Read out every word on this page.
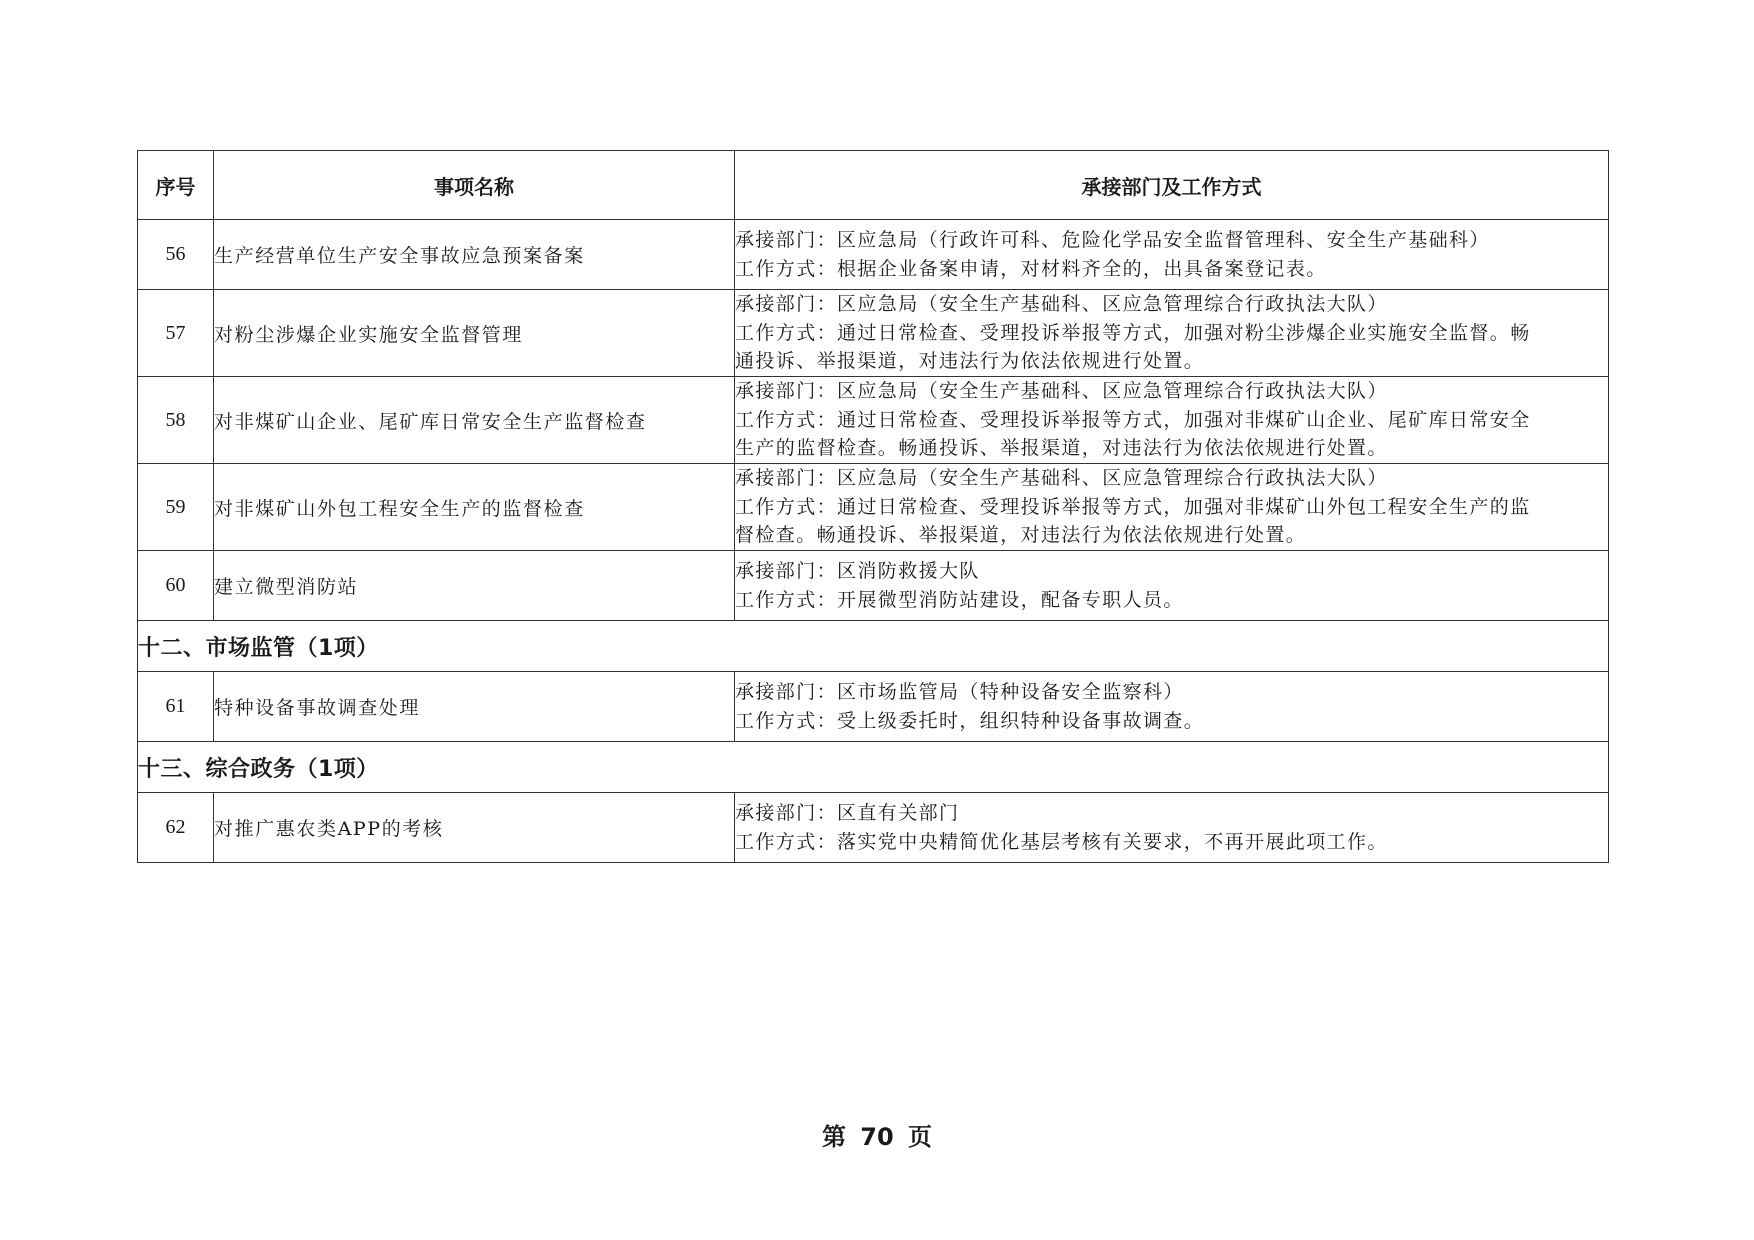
序号	事项名称	承接部门及工作方式
56	生产经营单位生产安全事故应急预案备案	承接部门：区应急局（行政许可科、危险化学品安全监督管理科、安全生产基础科）
工作方式：根据企业备案申请，对材料齐全的，出具备案登记表。

57	对粉尘涉爆企业实施安全监督管理	承接部门：区应急局（安全生产基础科、区应急管理综合行政执法大队）
工作方式：通过日常检查、受理投诉举报等方式，加强对粉尘涉爆企业实施安全监督。畅
通投诉、举报渠道，对违法行为依法依规进行处置。

58	对非煤矿山企业、尾矿库日常安全生产监督检查	承接部门：区应急局（安全生产基础科、区应急管理综合行政执法大队）
工作方式：通过日常检查、受理投诉举报等方式，加强对非煤矿山企业、尾矿库日常安全
生产的监督检查。畅通投诉、举报渠道，对违法行为依法依规进行处置。

59	对非煤矿山外包工程安全生产的监督检查	承接部门：区应急局（安全生产基础科、区应急管理综合行政执法大队）
工作方式：通过日常检查、受理投诉举报等方式，加强对非煤矿山外包工程安全生产的监
督检查。畅通投诉、举报渠道，对违法行为依法依规进行处置。

60	建立微型消防站	承接部门：区消防救援大队
工作方式：开展微型消防站建设，配备专职人员。

十二、市场监管（1项）		
61	特种设备事故调查处理	承接部门：区市场监管局（特种设备安全监察科）
工作方式：受上级委托时，组织特种设备事故调查。

十三、综合政务（1项）		
62	对推广惠农类APP的考核	承接部门：区直有关部门
工作方式：落实党中央精简优化基层考核有关要求，不再开展此项工作。
第 70 页
